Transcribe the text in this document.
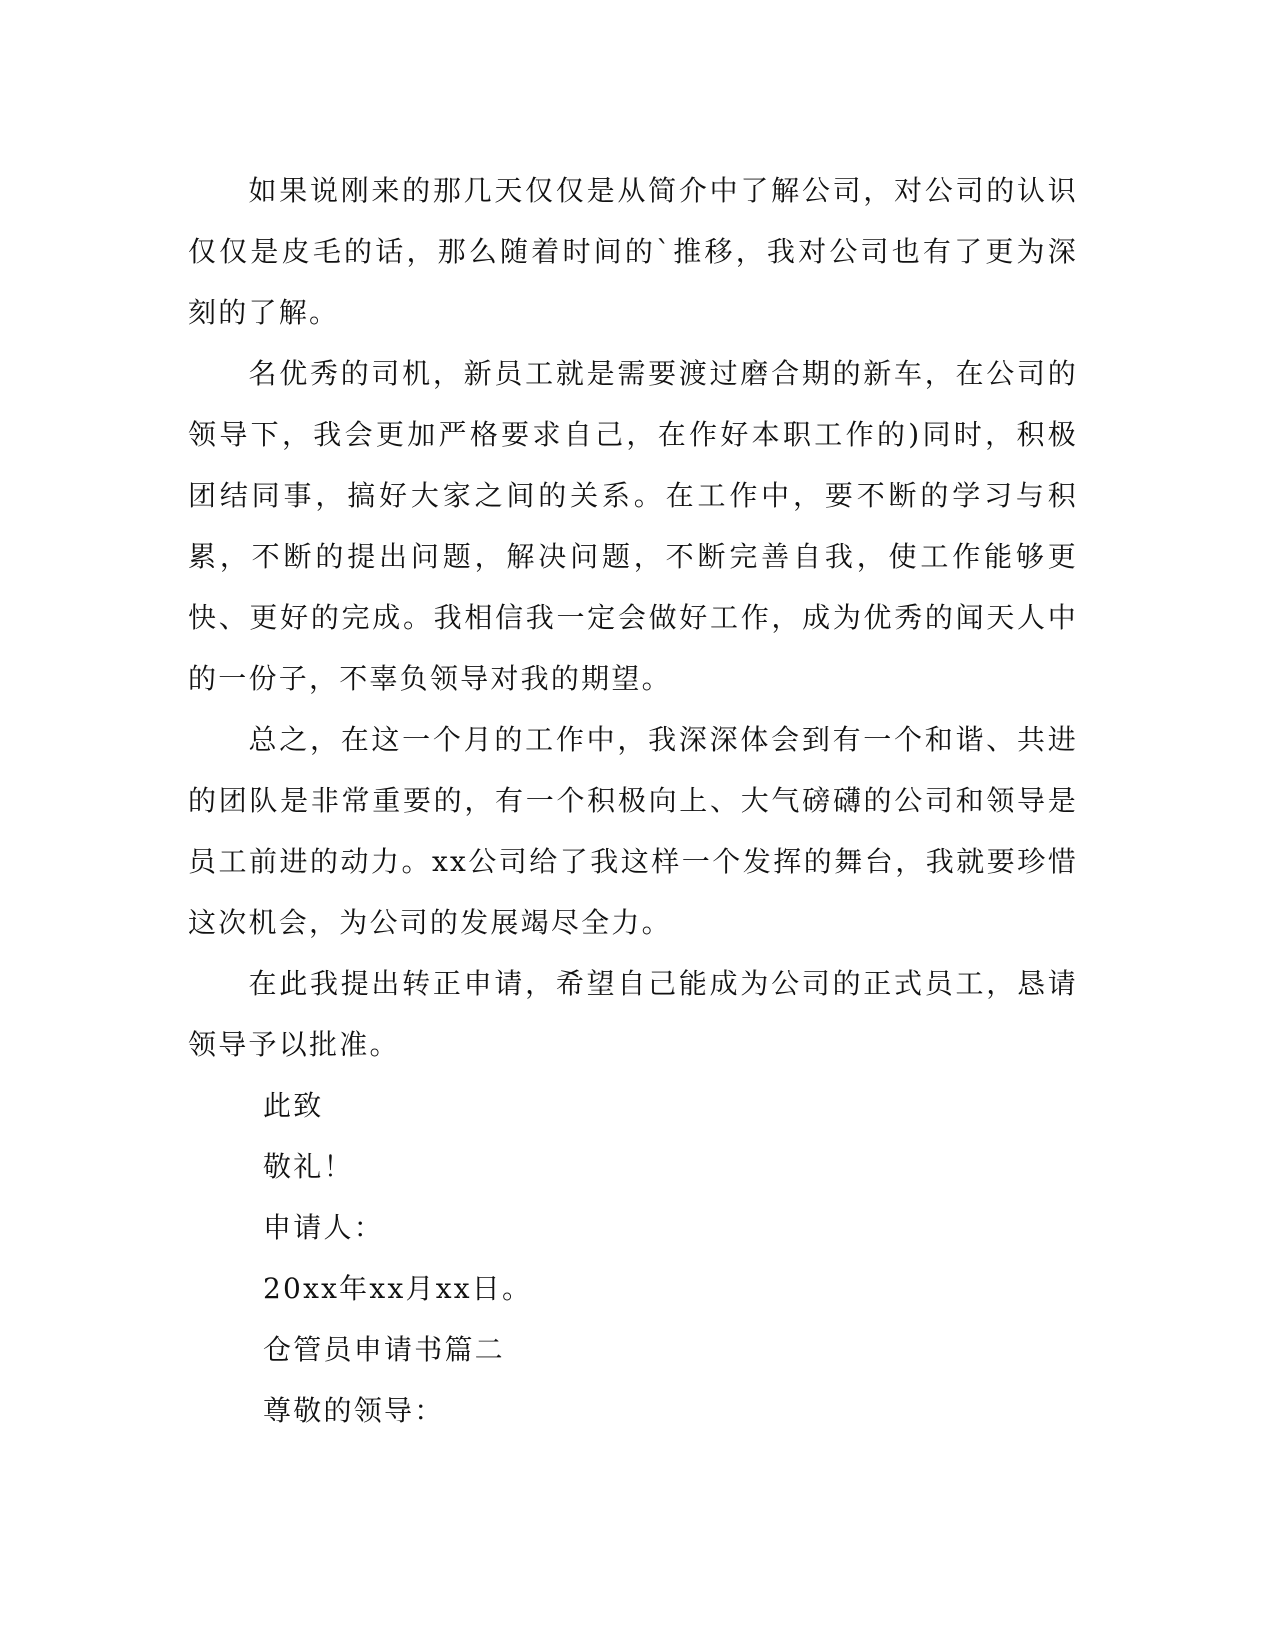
如果说刚来的那几天仅仅是从简介中了解公司，对公司的认识仅仅是皮毛的话，那么随着时间的`推移，我对公司也有了更为深刻的了解。

名优秀的司机，新员工就是需要渡过磨合期的新车，在公司的领导下，我会更加严格要求自己，在作好本职工作的)同时，积极团结同事，搞好大家之间的关系。在工作中，要不断的学习与积累，不断的提出问题，解决问题，不断完善自我，使工作能够更快、更好的完成。我相信我一定会做好工作，成为优秀的闻天人中的一份子，不辜负领导对我的期望。

总之，在这一个月的工作中，我深深体会到有一个和谐、共进的团队是非常重要的，有一个积极向上、大气磅礴的公司和领导是员工前进的动力。xx公司给了我这样一个发挥的舞台，我就要珍惜这次机会，为公司的发展竭尽全力。

在此我提出转正申请，希望自己能成为公司的正式员工，恳请领导予以批准。

此致
敬礼！
申请人：
20xx年xx月xx日。
仓管员申请书篇二
尊敬的领导：
